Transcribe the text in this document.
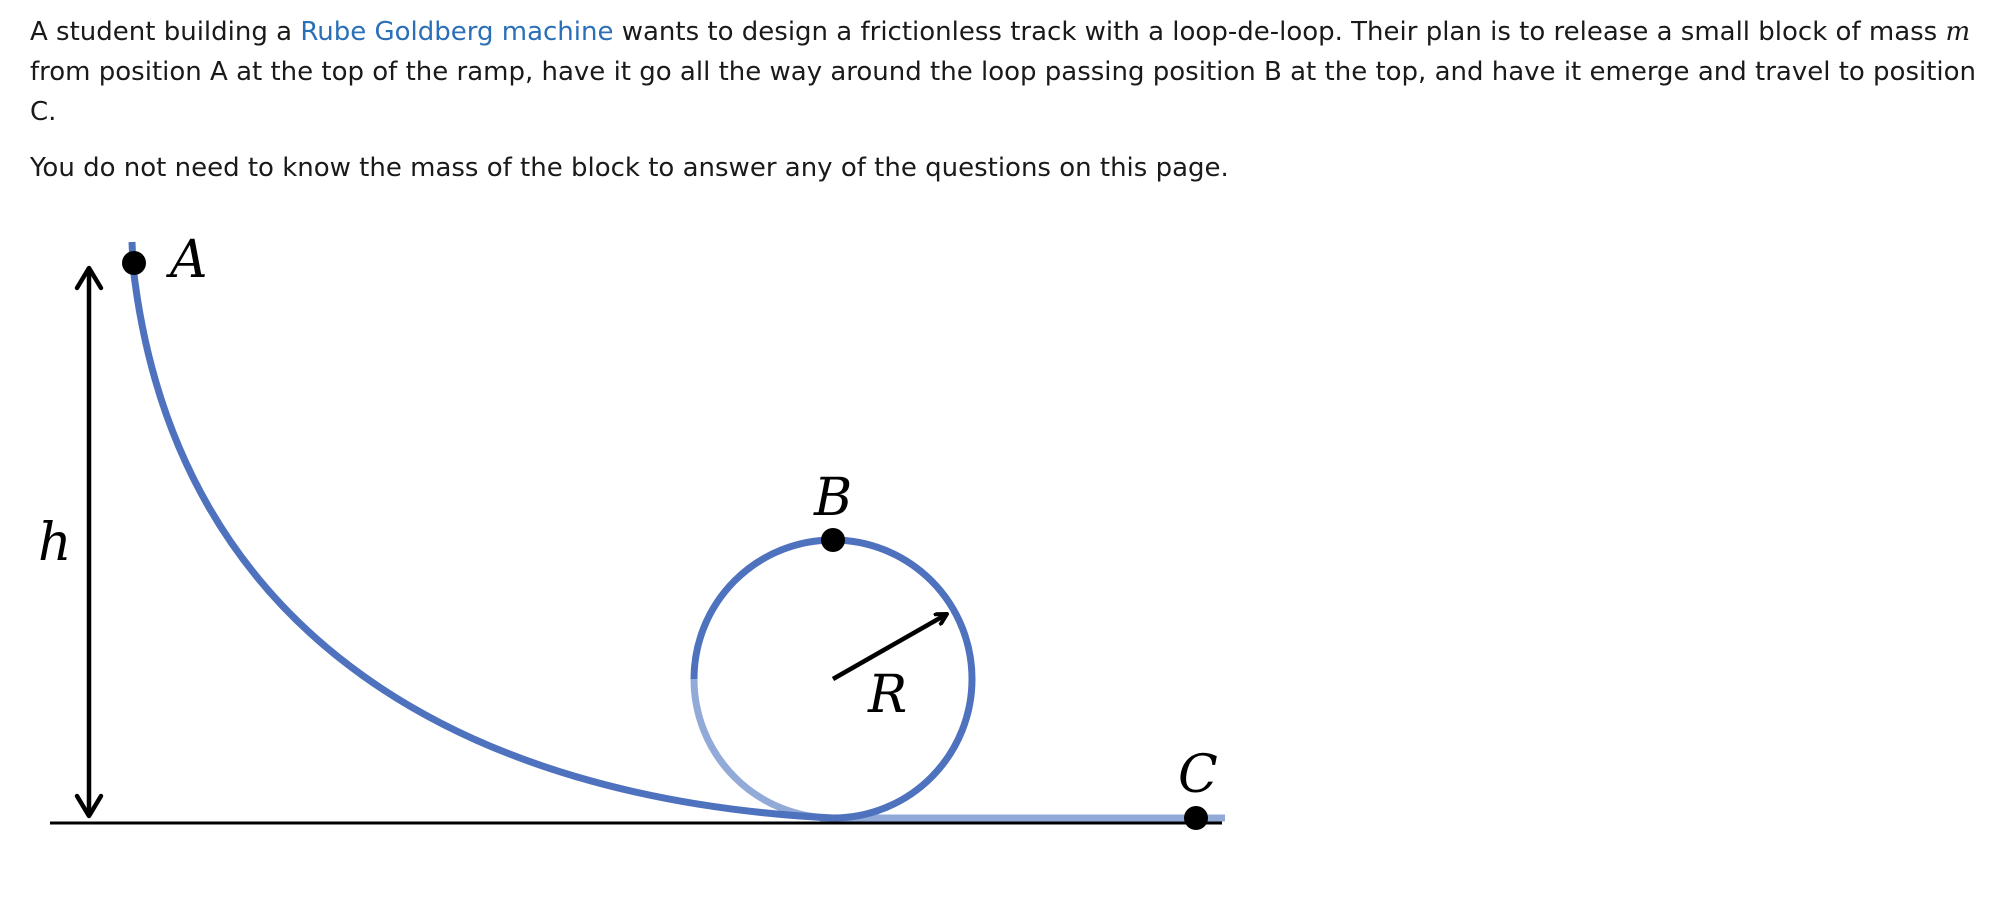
A student building a Rube Goldberg machine wants to design a frictionless track with a loop-de-loop. Their plan is to release a small block of mass m from position A at the top of the ramp, have it go all the way around the loop passing position B at the top, and have it emerge and travel to position C.

You do not need to know the mass of the block to answer any of the questions on this page.

A
B
C
h
R
